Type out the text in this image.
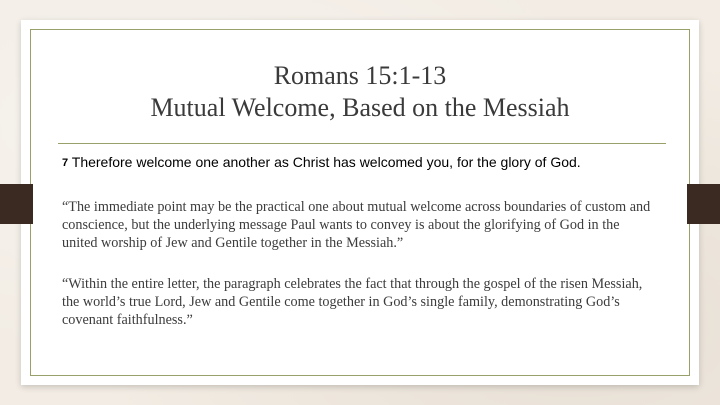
Romans 15:1-13
Mutual Welcome, Based on the Messiah
7 Therefore welcome one another as Christ has welcomed you, for the glory of God.
“The immediate point may be the practical one about mutual welcome across boundaries of custom and conscience, but the underlying message Paul wants to convey is about the glorifying of God in the united worship of Jew and Gentile together in the Messiah.”
“Within the entire letter, the paragraph celebrates the fact that through the gospel of the risen Messiah, the world’s true Lord, Jew and Gentile come together in God’s single family, demonstrating God’s covenant faithfulness.”
